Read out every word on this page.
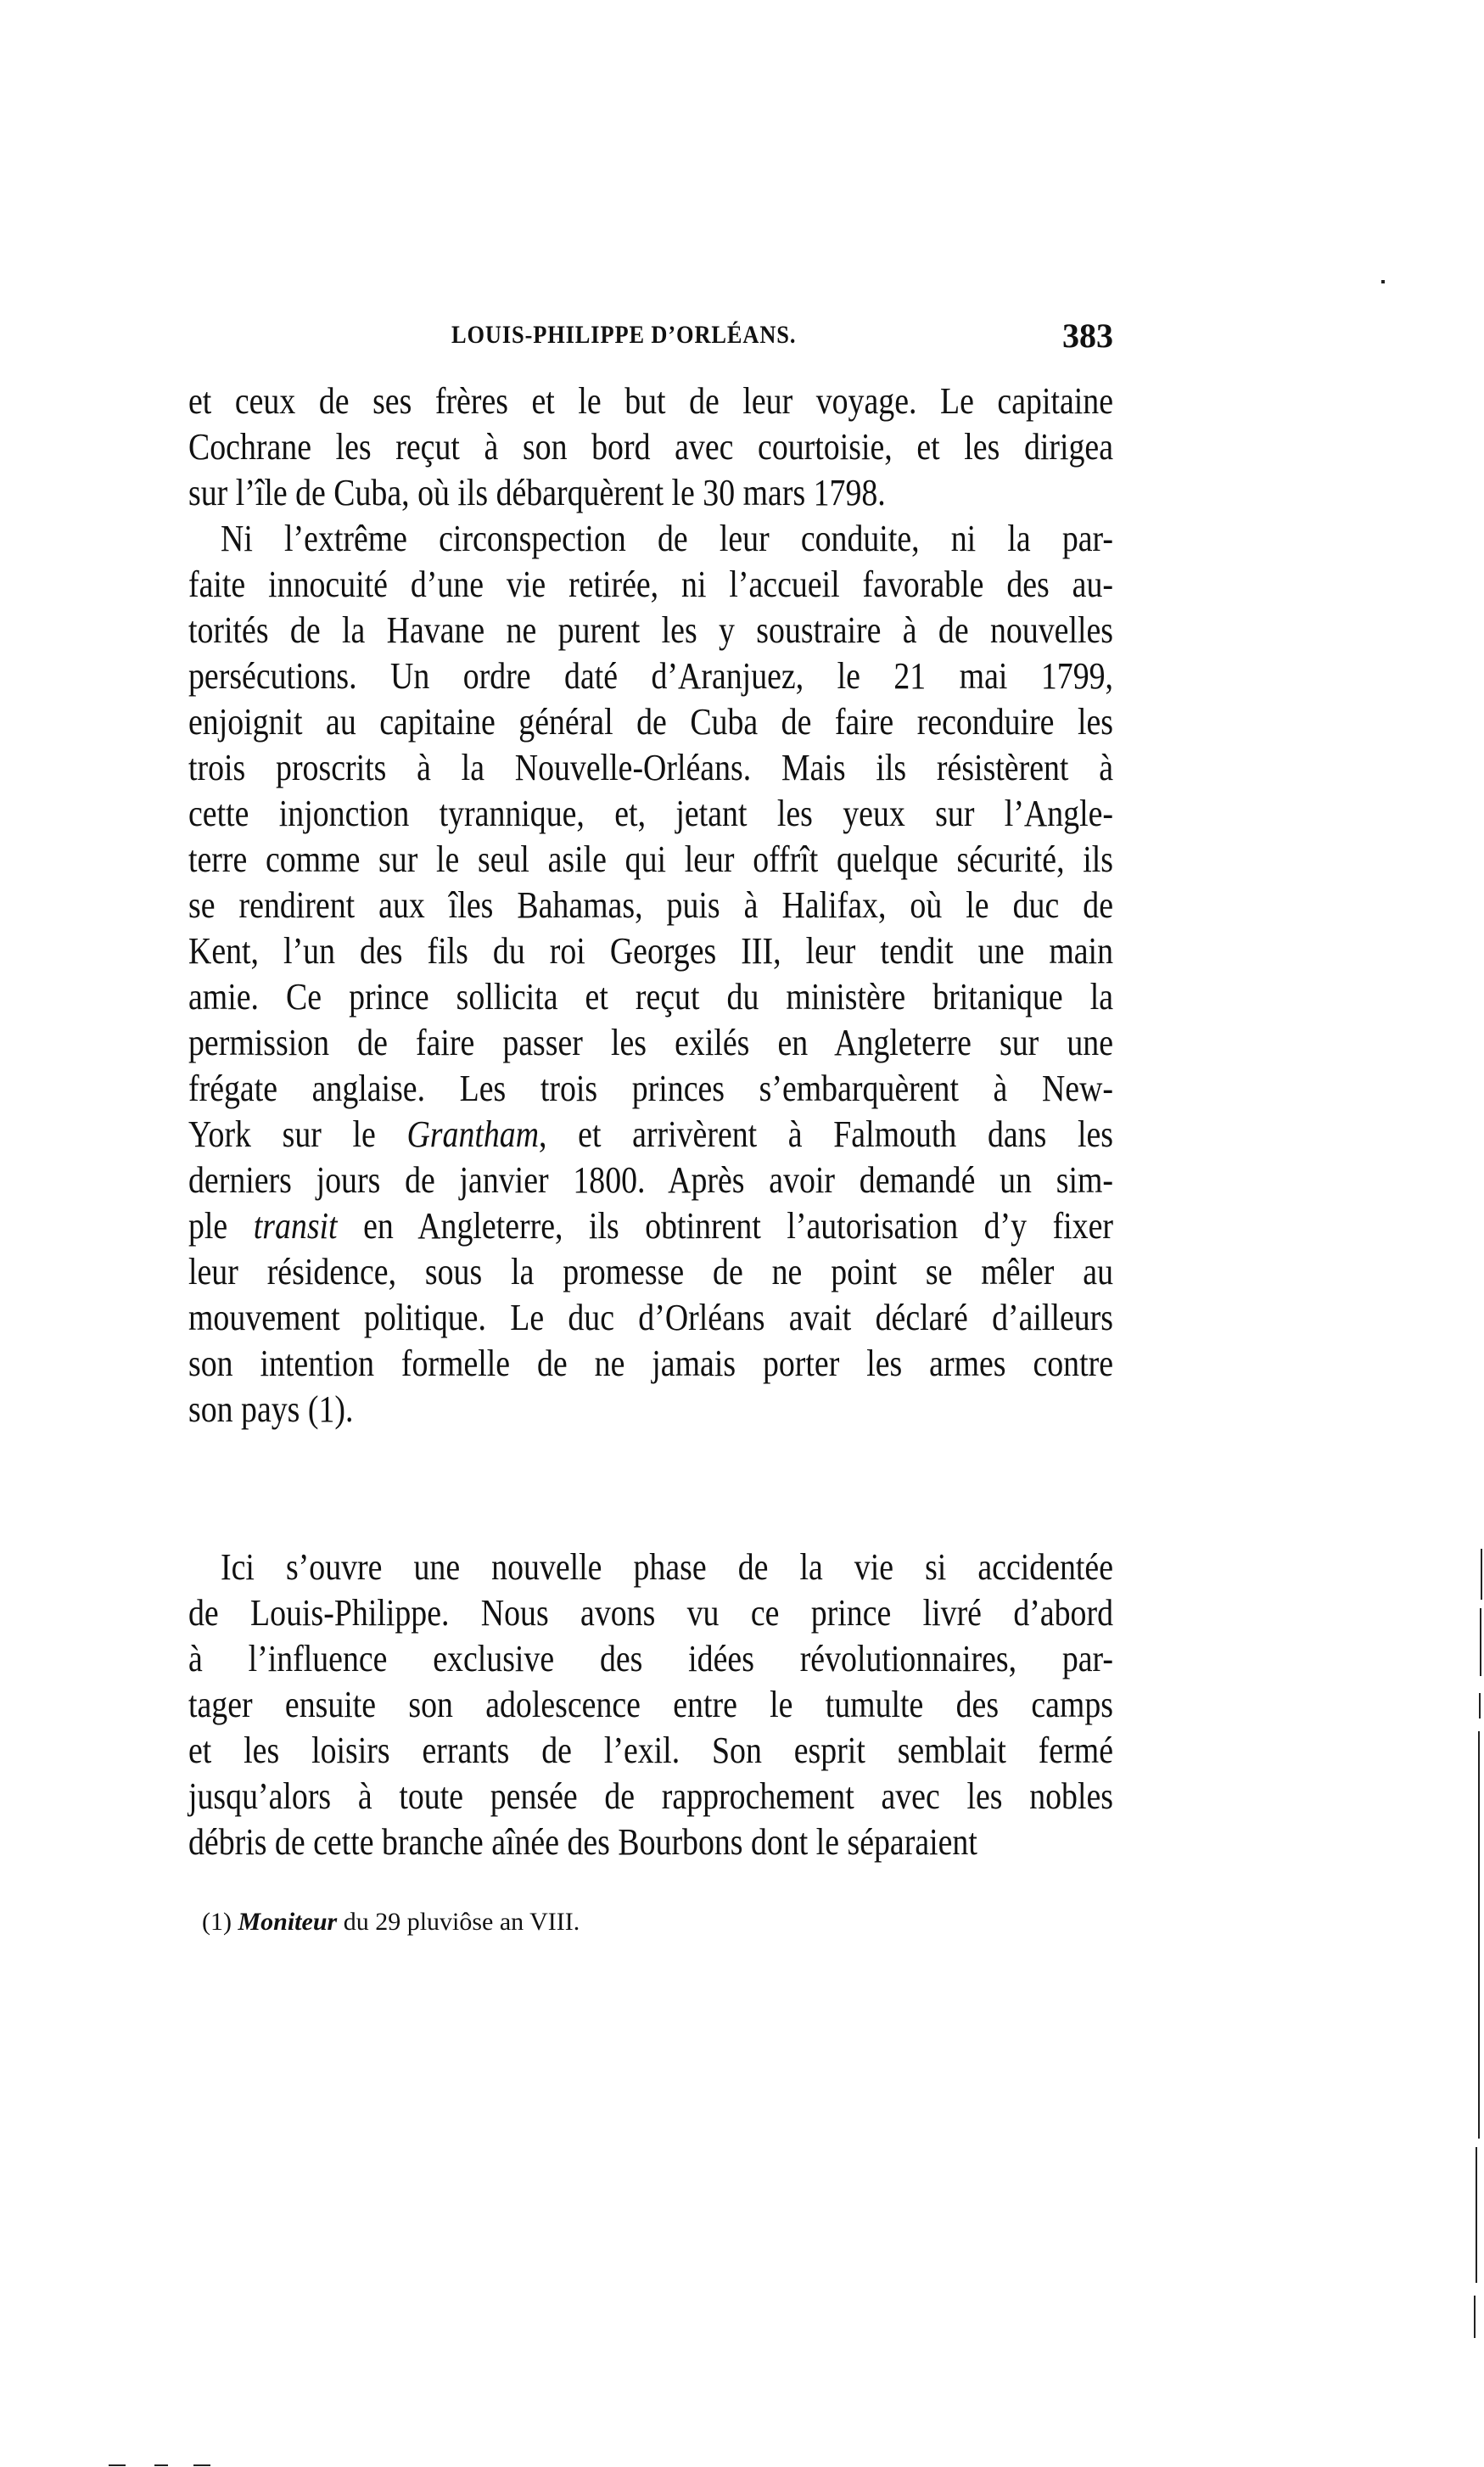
LOUIS-PHILIPPE D’ORLÉANS.	383
et ceux de ses frères et le but de leur voyage. Le capitaine
Cochrane les reçut à son bord avec courtoisie, et les dirigea
sur l’île de Cuba, où ils débarquèrent le 30 mars 1798.
Ni l’extrême circonspection de leur conduite, ni la par-
faite innocuité d’une vie retirée, ni l’accueil favorable des au-
torités de la Havane ne purent les y soustraire à de nouvelles
persécutions. Un ordre daté d’Aranjuez, le 21 mai 1799,
enjoignit au capitaine général de Cuba de faire reconduire les
trois proscrits à la Nouvelle-Orléans. Mais ils résistèrent à
cette injonction tyrannique, et, jetant les yeux sur l’Angle-
terre comme sur le seul asile qui leur offrît quelque sécurité, ils
se rendirent aux îles Bahamas, puis à Halifax, où le duc de
Kent, l’un des fils du roi Georges III, leur tendit une main
amie. Ce prince sollicita et reçut du ministère britanique la
permission de faire passer les exilés en Angleterre sur une
frégate anglaise. Les trois princes s’embarquèrent à New-
York sur le Grantham, et arrivèrent à Falmouth dans les
derniers jours de janvier 1800. Après avoir demandé un sim-
ple transit en Angleterre, ils obtinrent l’autorisation d’y fixer
leur résidence, sous la promesse de ne point se mêler au
mouvement politique. Le duc d’Orléans avait déclaré d’ailleurs
son intention formelle de ne jamais porter les armes contre
son pays (1).
Ici s’ouvre une nouvelle phase de la vie si accidentée
de Louis-Philippe. Nous avons vu ce prince livré d’abord
à l’influence exclusive des idées révolutionnaires, par-
tager ensuite son adolescence entre le tumulte des camps
et les loisirs errants de l’exil. Son esprit semblait fermé
jusqu’alors à toute pensée de rapprochement avec les nobles
débris de cette branche aînée des Bourbons dont le séparaient
(1) Moniteur du 29 pluviôse an VIII.
